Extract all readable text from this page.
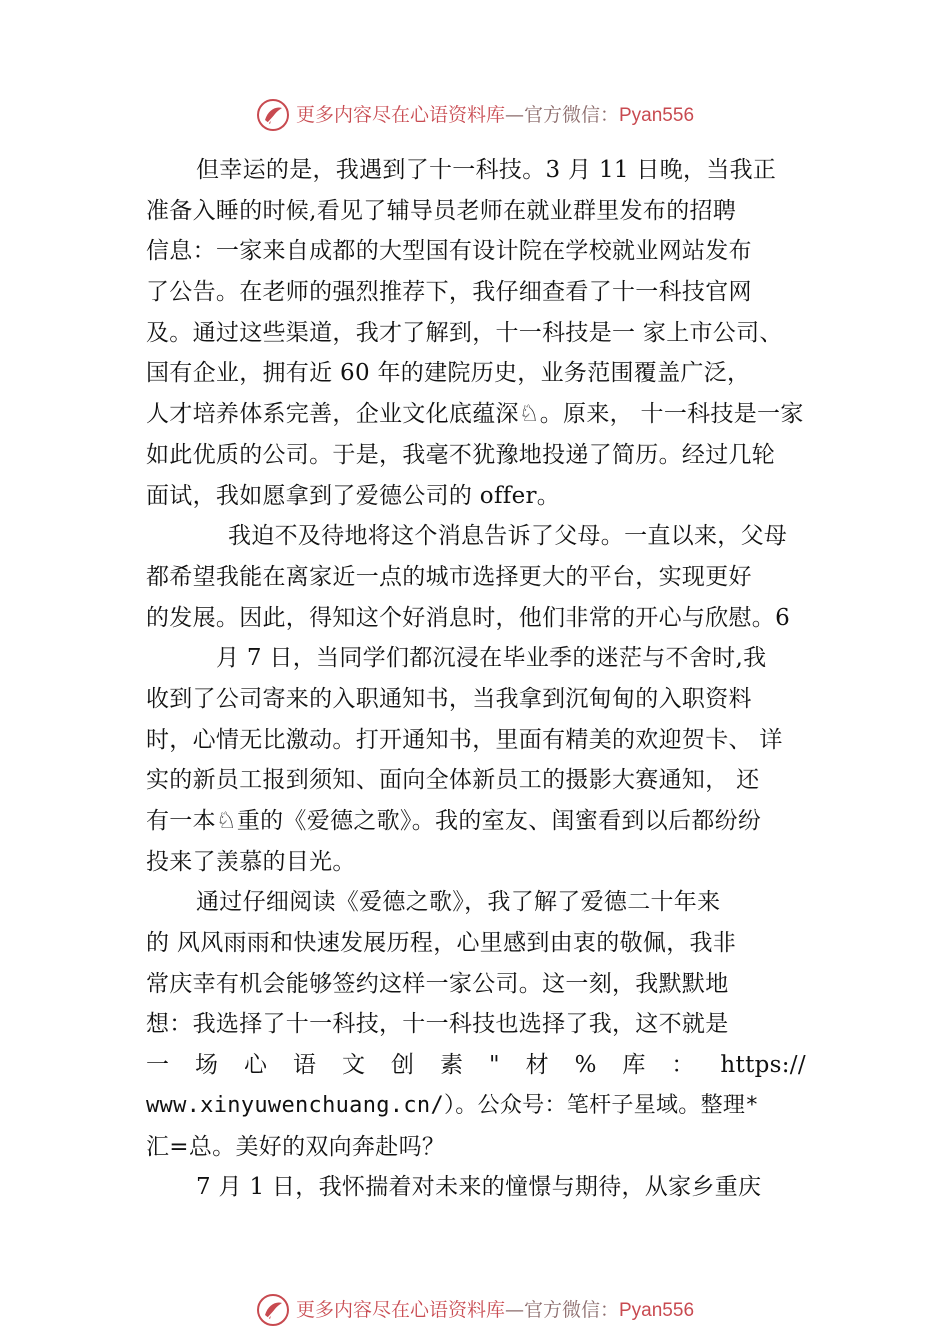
更多内容尽在心语资料库—官方微信：Pyan556
但幸运的是，我遇到了十一科技。3 月 11 日晚，当我正
准备入睡的时候,看见了辅导员老师在就业群里发布的招聘
信息：一家来自成都的大型国有设计院在学校就业网站发布
了公告。在老师的强烈推荐下，我仔细查看了十一科技官网
及。通过这些渠道，我才了解到，十一科技是一 家上市公司、
国有企业，拥有近 60 年的建院历史，业务范围覆盖广泛，
人才培养体系完善，企业文化底蕴深♘。原来， 十一科技是一家
如此优质的公司。于是，我毫不犹豫地投递了简历。经过几轮
面试，我如愿拿到了爱德公司的 offer。
我迫不及待地将这个消息告诉了父母。一直以来，父母
都希望我能在离家近一点的城市选择更大的平台，实现更好
的发展。因此，得知这个好消息时，他们非常的开心与欣慰。6
月 7 日，当同学们都沉浸在毕业季的迷茫与不舍时,我
收到了公司寄来的入职通知书，当我拿到沉甸甸的入职资料
时，心情无比激动。打开通知书，里面有精美的欢迎贺卡、 详
实的新员工报到须知、面向全体新员工的摄影大赛通知， 还
有一本♘重的《爱德之歌》。我的室友、闺蜜看到以后都纷纷
投来了羡慕的目光。
通过仔细阅读《爱德之歌》，我了解了爱德二十年来
的 风风雨雨和快速发展历程，心里感到由衷的敬佩，我非
常庆幸有机会能够签约这样一家公司。这一刻，我默默地
想：我选择了十一科技，十一科技也选择了我，这不就是
一 场 心 语 文 创 素 " 材 % 库 ： https://
www.xinyuwenchuang.cn/）。公众号：笔杆子星域。整理*
汇=总。美好的双向奔赴吗？
7 月 1 日，我怀揣着对未来的憧憬与期待，从家乡重庆
更多内容尽在心语资料库—官方微信：Pyan556
